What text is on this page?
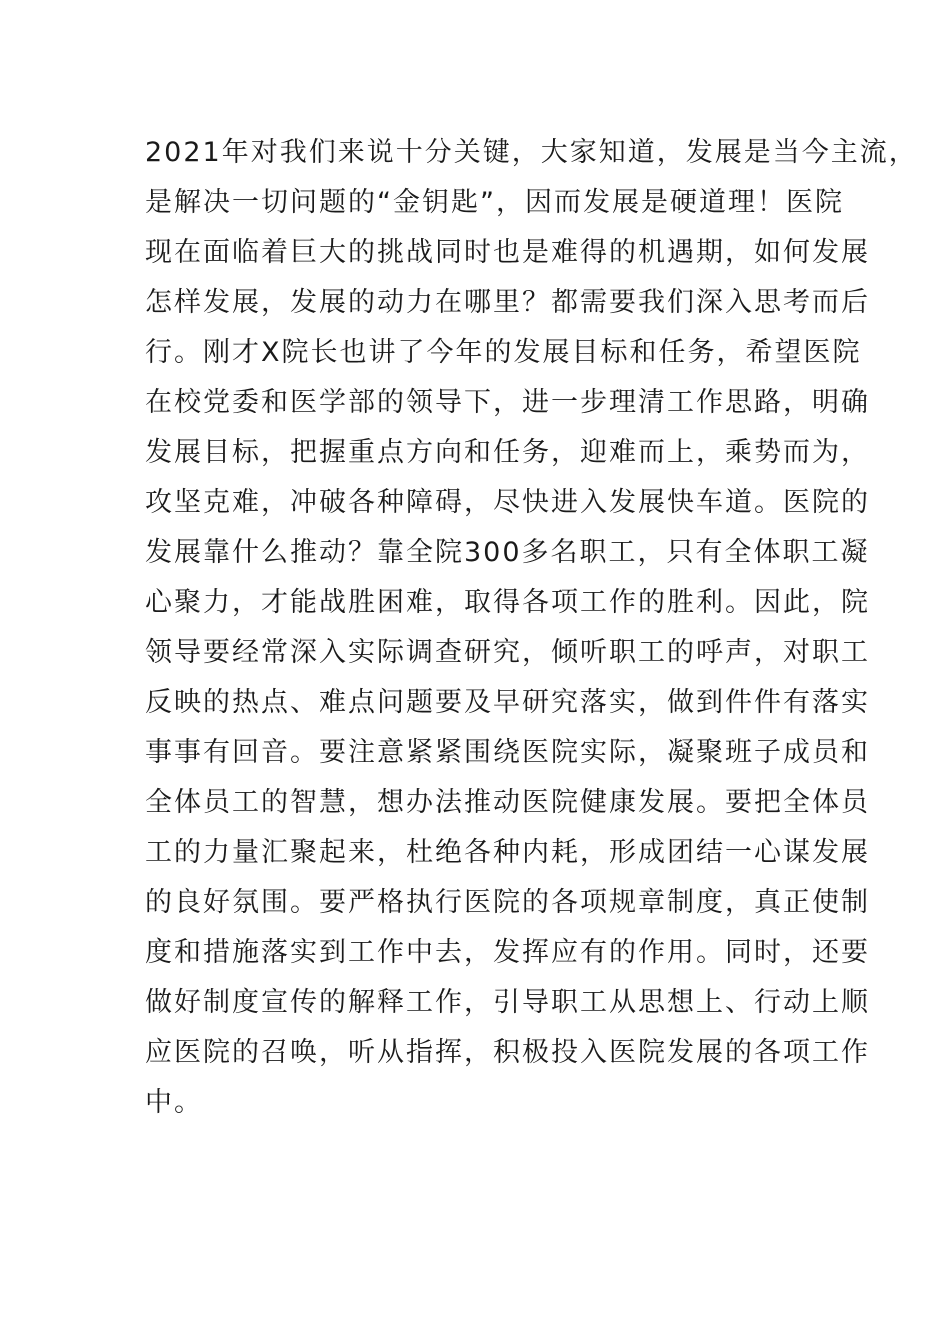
2021年对我们来说十分关键，大家知道，发展是当今主流，
是解决一切问题的“金钥匙”，因而发展是硬道理！医院
现在面临着巨大的挑战同时也是难得的机遇期，如何发展
怎样发展，发展的动力在哪里？都需要我们深入思考而后
行。刚才X院长也讲了今年的发展目标和任务，希望医院
在校党委和医学部的领导下，进一步理清工作思路，明确
发展目标，把握重点方向和任务，迎难而上，乘势而为，
攻坚克难，冲破各种障碍，尽快进入发展快车道。医院的
发展靠什么推动？靠全院300多名职工，只有全体职工凝
心聚力，才能战胜困难，取得各项工作的胜利。因此，院
领导要经常深入实际调查研究，倾听职工的呼声，对职工
反映的热点、难点问题要及早研究落实，做到件件有落实
事事有回音。要注意紧紧围绕医院实际，凝聚班子成员和
全体员工的智慧，想办法推动医院健康发展。要把全体员
工的力量汇聚起来，杜绝各种内耗，形成团结一心谋发展
的良好氛围。要严格执行医院的各项规章制度，真正使制
度和措施落实到工作中去，发挥应有的作用。同时，还要
做好制度宣传的解释工作，引导职工从思想上、行动上顺
应医院的召唤，听从指挥，积极投入医院发展的各项工作
中。
